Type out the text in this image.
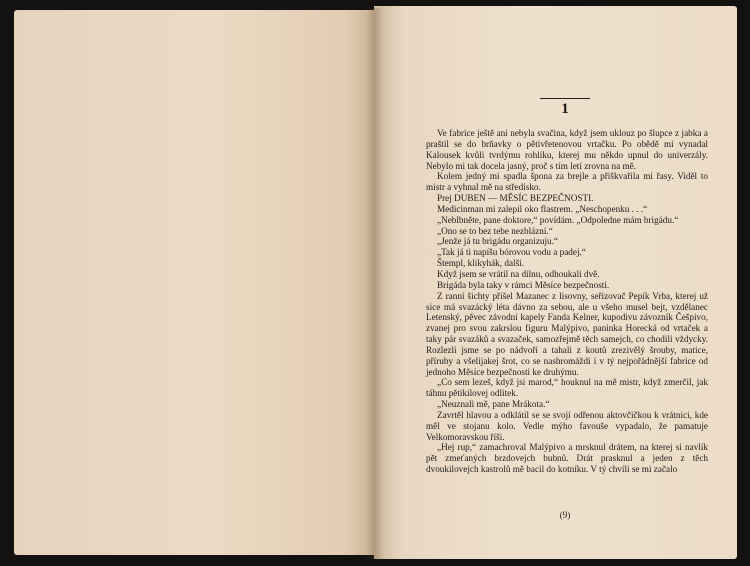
1

Ve fabrice ještě ani nebyla svačina, když jsem uklouz po šlupce z jabka a praštil se do brňavky o pětivřetenovou vrtačku. Po obědě mi vynadal Kalousek kvůli tvrdýmu rohlíku, kterej mu někdo upnul do univerzály. Nebylo mi tak docela jasný, proč s tím letí zrovna na mě.

Kolem jedný mi spadla špona za brejle a přiškvařila mi řasy. Viděl to mistr a vyhnal mě na středisko.

Prej DUBEN — MĚSÍC BEZPEČNOSTI.

Medicinman mi zalepil oko flastrem. „Neschopenku . . .“

„Neblbněte, pane doktore,“ povídám. „Odpoledne mám brigádu.“

„Ono se to bez tebe nezblázní.“

„Jenže já tu brigádu organizuju.“

„Tak já ti napíšu bórovou vodu a padej.“

Štempl, klikyhák, další.

Když jsem se vrátil na dílnu, odhoukali dvě.

Brigáda byla taky v rámci Měsíce bezpečnosti.

Z ranní šichty přišel Mazanec z lisovny, seřizovač Pepík Vrba, kterej už sice má svazácký léta dávno za sebou, ale u všeho musel bejt, vzdělanec Letenský, pěvec závodní kapely Fanda Kelner, kupodivu závozník Češpivo, zvanej pro svou zakrslou figuru Malýpivo, paninka Horecká od vrtaček a taky pár svazáků a svazaček, samozřejmě těch samejch, co chodili vždycky. Rozlezli jsme se po nádvoří a tahali z koutů zrezivělý šrouby, matice, příruby a všelijakej šrot, co se nashromáždí i v tý nejpořádnější fabrice od jednoho Měsíce bezpečnosti ke druhýmu.

„Co sem lezeš, když jsi marod,“ houknul na mě mistr, když zmerčil, jak táhnu pětikilovej odlitek.

„Neuznali mě, pane Mrákota.“

Zavrtěl hlavou a odklátil se se svojí odřenou aktovčičkou k vrátnici, kde měl ve stojanu kolo. Vedle mýho favouše vypadalo, že pamatuje Velkomoravskou říši.

„Hej rup,“ zamachroval Malýpivo a mrsknul drátem, na kterej si navlík pět zmeťaných brzdovejch bubnů. Drát prasknul a jeden z těch dvoukilovejch kastrolů mě bacil do kotníku. V tý chvíli se mi začalo

(9)
